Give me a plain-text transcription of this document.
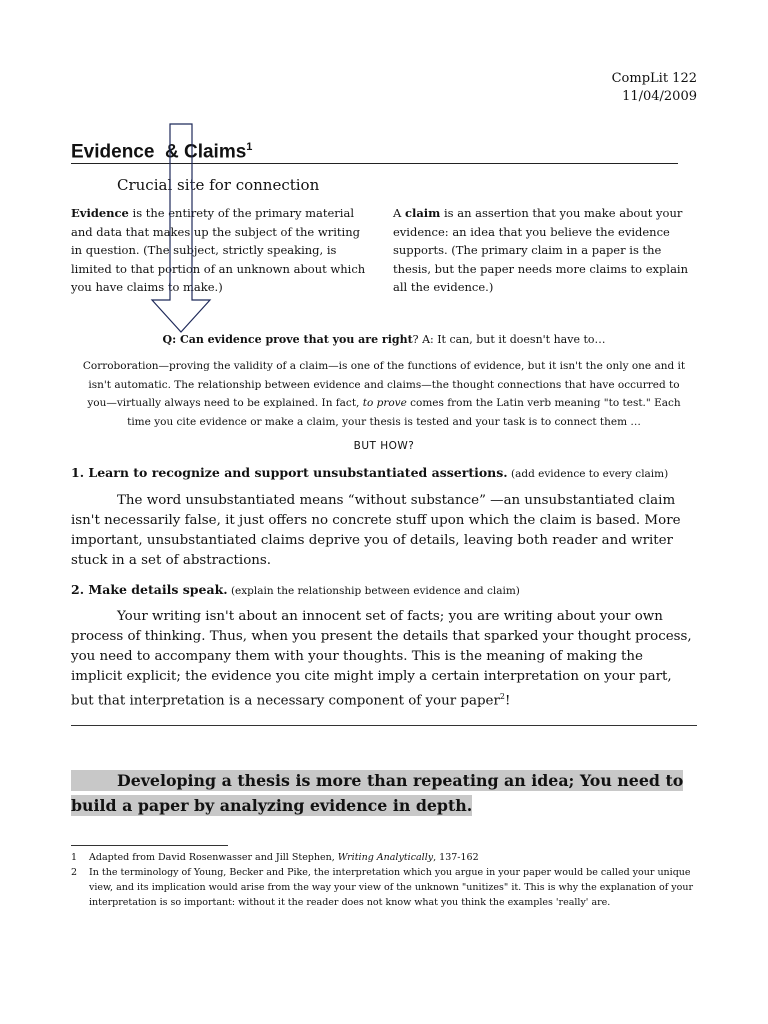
CompLit 122
11/04/2009
Evidence  & Claims$^1$
Crucial site for connection
Evidence is the entirety of the primary material and data that makes up the subject of the writing in question. (The subject, strictly speaking, is limited to that portion of an unknown about which you have claims to make.)
A claim is an assertion that you make about your evidence: an idea that you believe the evidence supports. (The primary claim in a paper is the thesis, but the paper needs more claims to explain all the evidence.)
Q: Can evidence prove that you are right? A: It can, but it doesn't have to…
Corroboration—proving the validity of a claim—is one of the functions of evidence, but it isn't the only one and it isn't automatic. The relationship between evidence and claims—the thought connections that have occurred to you—virtually always need to be explained. In fact, to prove comes from the Latin verb meaning "to test." Each time you cite evidence or make a claim, your thesis is tested and your task is to connect them …
BUT HOW?
1. Learn to recognize and support unsubstantiated assertions. (add evidence to every claim)
The word unsubstantiated means “without substance” —an unsubstantiated claim isn't necessarily false, it just offers no concrete stuff upon which the claim is based. More important, unsubstantiated claims deprive you of details, leaving both reader and writer stuck in a set of abstractions.
2. Make details speak. (explain the relationship between evidence and claim)
Your writing isn't about an innocent set of facts; you are writing about your own process of thinking. Thus, when you present the details that sparked your thought process, you need to accompany them with your thoughts. This is the meaning of making the implicit explicit; the evidence you cite might imply a certain interpretation on your part, but that interpretation is a necessary component of your paper$^2$!
Developing a thesis is more than repeating an idea; You need to build a paper by analyzing evidence in depth.
1 Adapted from David Rosenwasser and Jill Stephen, Writing Analytically, 137-162
2 In the terminology of Young, Becker and Pike, the interpretation which you argue in your paper would be called your unique view, and its implication would arise from the way your view of the unknown "unitizes" it. This is why the explanation of your interpretation is so important: without it the reader does not know what you think the examples 'really' are.
